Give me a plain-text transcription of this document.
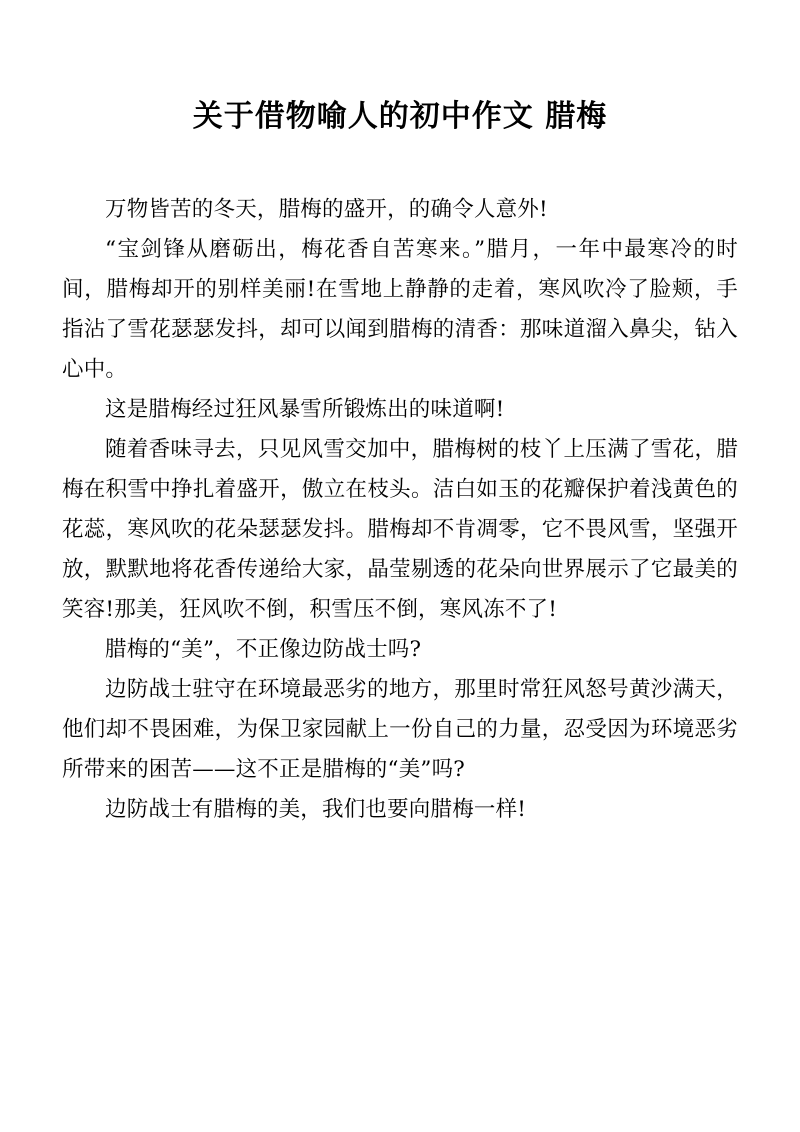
关于借物喻人的初中作文 腊梅

万物皆苦的冬天，腊梅的盛开，的确令人意外!

“宝剑锋从磨砺出，梅花香自苦寒来。”腊月，一年中最寒冷的时间，腊梅却开的别样美丽!在雪地上静静的走着，寒风吹冷了脸颊，手指沾了雪花瑟瑟发抖，却可以闻到腊梅的清香：那味道溜入鼻尖，钻入心中。

这是腊梅经过狂风暴雪所锻炼出的味道啊!

随着香味寻去，只见风雪交加中，腊梅树的枝丫上压满了雪花，腊梅在积雪中挣扎着盛开，傲立在枝头。洁白如玉的花瓣保护着浅黄色的花蕊，寒风吹的花朵瑟瑟发抖。腊梅却不肯凋零，它不畏风雪，坚强开放，默默地将花香传递给大家，晶莹剔透的花朵向世界展示了它最美的笑容!那美，狂风吹不倒，积雪压不倒，寒风冻不了!

腊梅的“美”，不正像边防战士吗?

边防战士驻守在环境最恶劣的地方，那里时常狂风怒号黄沙满天，他们却不畏困难，为保卫家园献上一份自己的力量，忍受因为环境恶劣所带来的困苦——这不正是腊梅的“美”吗?

边防战士有腊梅的美，我们也要向腊梅一样!
